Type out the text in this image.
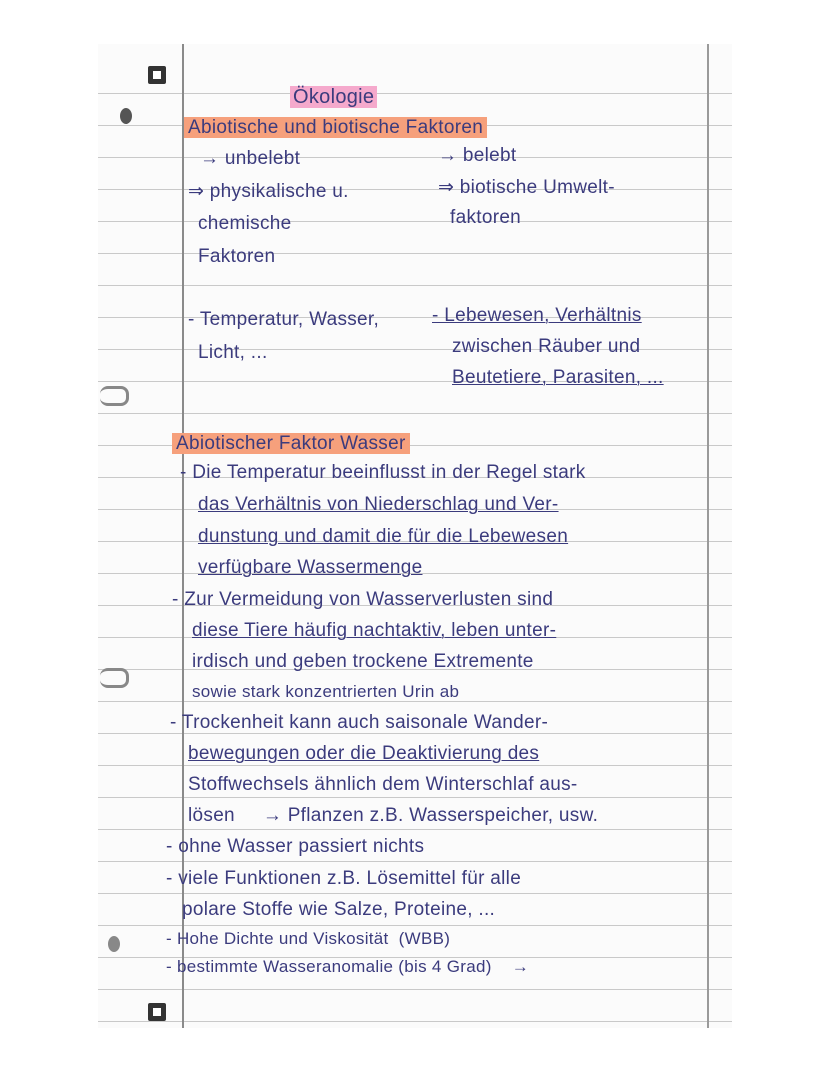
Ökologie
Abiotische und biotische Faktoren
→ unbelebt
⇒ physikalische u.
chemische
Faktoren
- Temperatur, Wasser,
Licht, ...
→ belebt
⇒ biotische Umwelt-
faktoren
- Lebewesen, Verhältnis
zwischen Räuber und
Beutetiere, Parasiten, ...
Abiotischer Faktor Wasser
- Die Temperatur beeinflusst in der Regel stark
das Verhältnis von Niederschlag und Ver-
dunstung und damit die für die Lebewesen
verfügbare Wassermenge
- Zur Vermeidung von Wasserverlusten sind
diese Tiere häufig nachtaktiv, leben unter-
irdisch und geben trockene Extremente
sowie stark konzentrierten Urin ab
- Trockenheit kann auch saisonale Wander-
bewegungen oder die Deaktivierung des
Stoffwechsels ähnlich dem Winterschlaf aus-
lösen     → Pflanzen z.B. Wasserspeicher, usw.
- ohne Wasser passiert nichts
- viele Funktionen z.B. Lösemittel für alle
polare Stoffe wie Salze, Proteine, ...
- Hohe Dichte und Viskosität  (WBB)
- bestimmte Wasseranomalie (bis 4 Grad)    →
